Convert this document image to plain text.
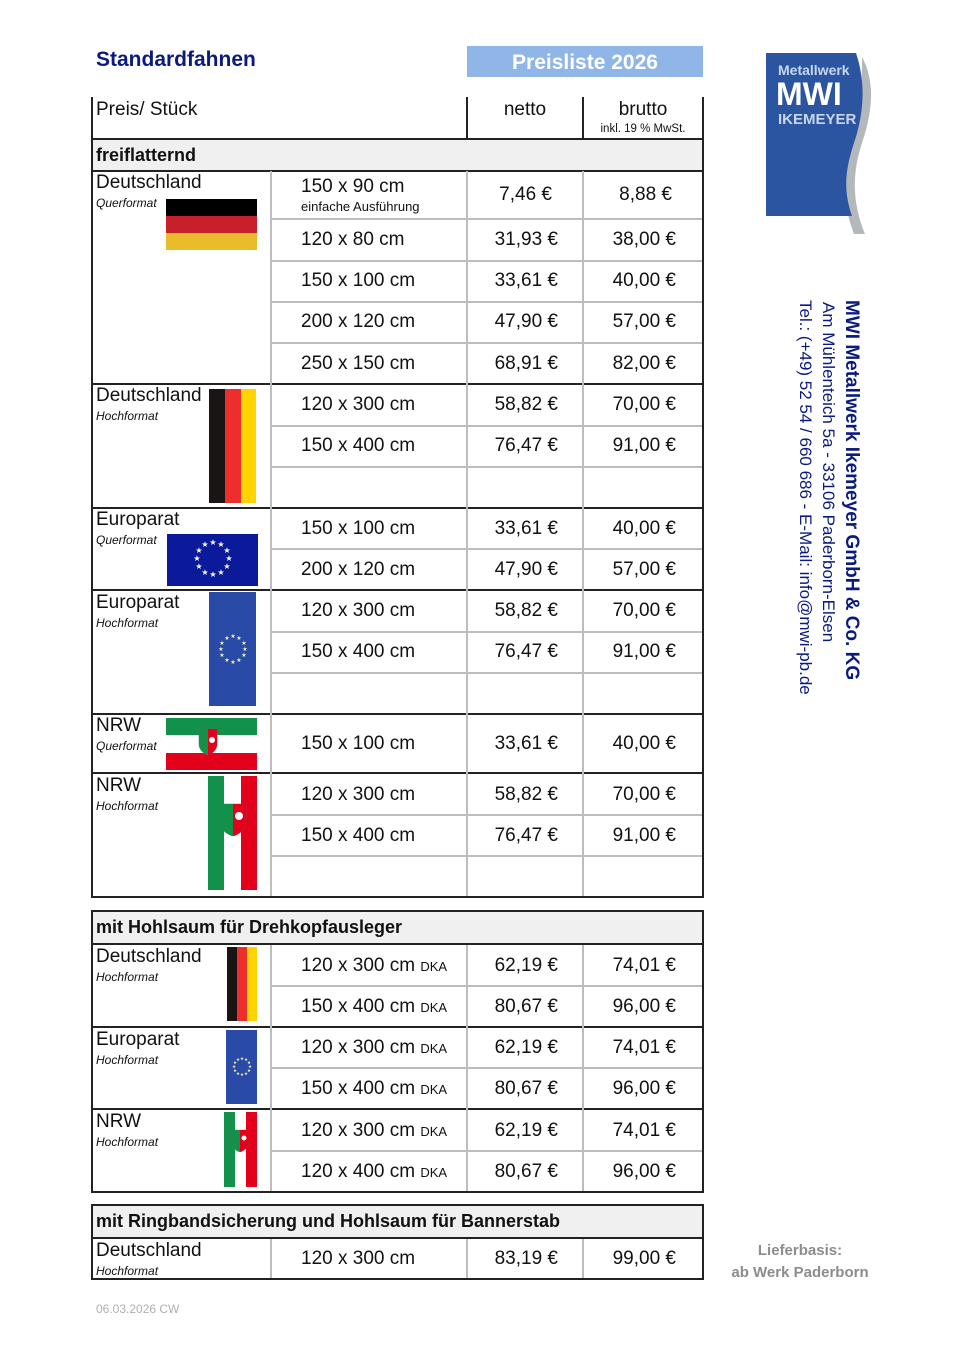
Standardfahnen	Preisliste 2026	Metallwerk
MWI
IKEMEYER
MWI Metallwerk Ikemeyer GmbH & Co. KG
Am Mühlenteich 5a - 33106 Paderborn-Elsen
Tel.: (+49) 52 54 / 660 686 - E-Mail: info@mwi-pb.de
Preis/ Stück	netto	brutto
inkl. 19 % MwSt.
freiflatternd
Deutschland
Querformat
150 x 90 cm
einfache Ausführung
7,46 €	8,88 €
120 x 80 cm	31,93 €	38,00 €
150 x 100 cm	33,61 €	40,00 €
200 x 120 cm	47,90 €	57,00 €
250 x 150 cm	68,91 €	82,00 €
Deutschland
Hochformat
120 x 300 cm	58,82 €	70,00 €
150 x 400 cm	76,47 €	91,00 €
Europarat
Querformat	★ ★
★
★
★
★
★
★
★
★
★
★
150 x 100 cm	33,61 €	40,00 €
200 x 120 cm	47,90 €	57,00 €
Europarat
Hochformat
★ ★
★
★
★
★
★
★
★
★
★
★
120 x 300 cm	58,82 €	70,00 €
150 x 400 cm	76,47 €	91,00 €
NRW
Querformat	150 x 100 cm	33,61 €	40,00 €
NRW
Hochformat
120 x 300 cm	58,82 €	70,00 €
150 x 400 cm	76,47 €	91,00 €
mit Hohlsaum für Drehkopfausleger
Deutschland
Hochformat
120 x 300 cm DKA	62,19 €	74,01 €
150 x 400 cm DKA	80,67 €	96,00 €
Europarat
Hochformat	★ ★
★
★
★
★
★
★
★
★
★
★
120 x 300 cm DKA	62,19 €	74,01 €
150 x 400 cm DKA	80,67 €	96,00 €
NRW
Hochformat
120 x 300 cm DKA	62,19 €	74,01 €
120 x 400 cm DKA	80,67 €	96,00 €
mit Ringbandsicherung und Hohlsaum für Bannerstab
Deutschland
Hochformat
120 x 300 cm	83,19 €	99,00 €	Lieferbasis:
ab Werk Paderborn
06.03.2026 CW
